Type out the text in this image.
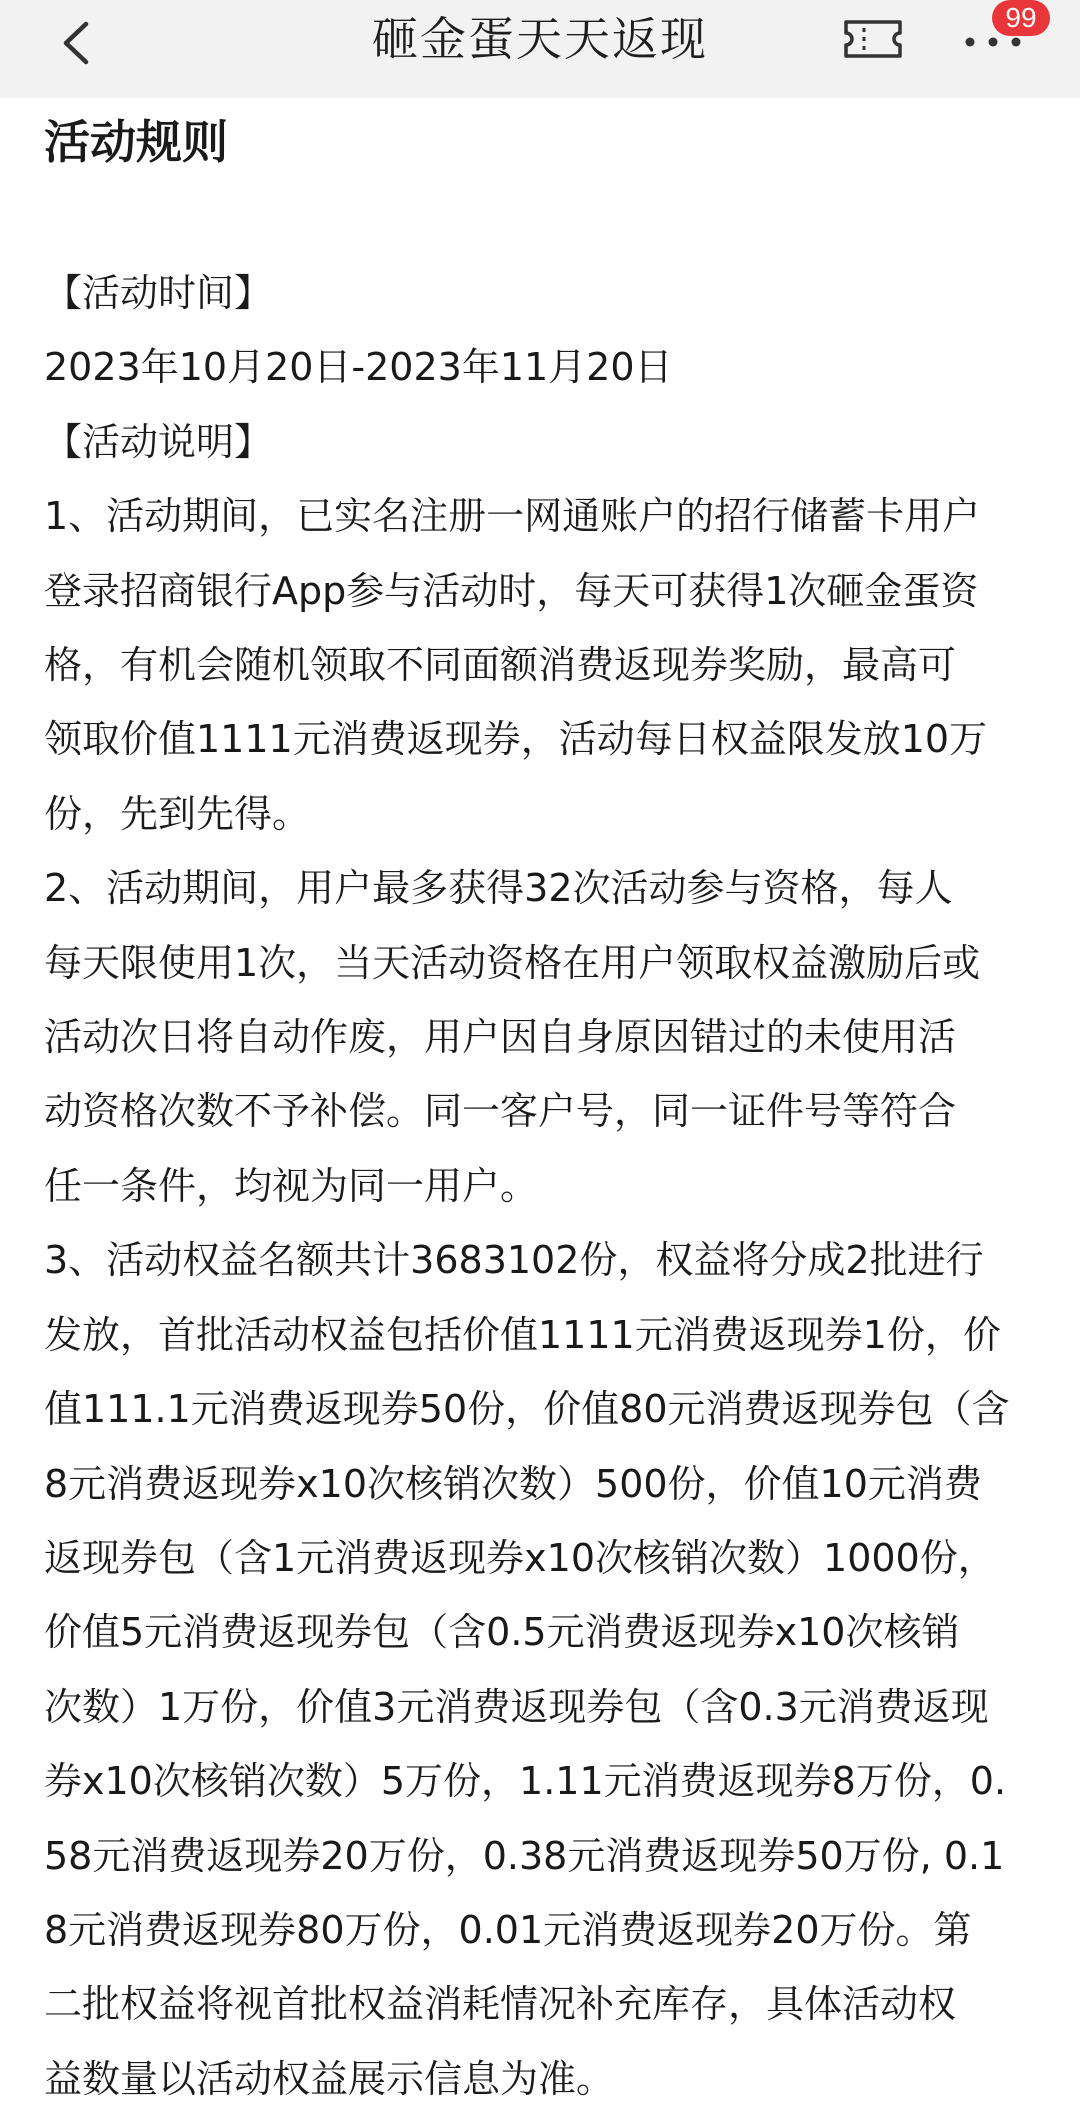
砸金蛋天天返现	99
活动规则

【活动时间】

2023年10月20日-2023年11月20日

【活动说明】

1、活动期间，已实名注册一网通账户的招行储蓄卡用户

登录招商银行App参与活动时，每天可获得1次砸金蛋资

格，有机会随机领取不同面额消费返现券奖励，最高可

领取价值1111元消费返现券，活动每日权益限发放10万

份，先到先得。

2、活动期间，用户最多获得32次活动参与资格，每人

每天限使用1次，当天活动资格在用户领取权益激励后或

活动次日将自动作废，用户因自身原因错过的未使用活

动资格次数不予补偿。同一客户号，同一证件号等符合

任一条件，均视为同一用户。

3、活动权益名额共计3683102份，权益将分成2批进行

发放，首批活动权益包括价值1111元消费返现券1份，价

值111.1元消费返现券50份，价值80元消费返现券包（含

8元消费返现券x10次核销次数）500份，价值10元消费

返现券包（含1元消费返现券x10次核销次数）1000份，

价值5元消费返现券包（含0.5元消费返现券x10次核销

次数）1万份，价值3元消费返现券包（含0.3元消费返现

券x10次核销次数）5万份，1.11元消费返现券8万份，0.

58元消费返现券20万份，0.38元消费返现券50万份, 0.1

8元消费返现券80万份，0.01元消费返现券20万份。第

二批权益将视首批权益消耗情况补充库存，具体活动权

益数量以活动权益展示信息为准。
